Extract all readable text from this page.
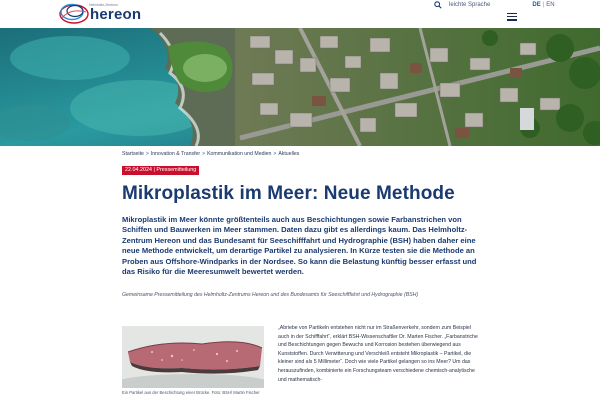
Helmholtz-Zentrum
hereon
leichte Sprache	DE | EN
Startseite > Innovation & Transfer > Kommunikation und Medien > Aktuelles
22.04.2024 | Pressemitteilung
Mikroplastik im Meer: Neue Methode

Mikroplastik im Meer könnte größtenteils auch aus Beschichtungen sowie Farbanstrichen von Schiffen und Bauwerken im Meer stammen. Daten dazu gibt es allerdings kaum. Das Helmholtz-Zentrum Hereon und das Bundesamt für Seeschifffahrt und Hydrographie (BSH) haben daher eine neue Methode entwickelt, um derartige Partikel zu analysieren. In Kürze testen sie die Methode an Proben aus Offshore-Windparks in der Nordsee. So kann die Belastung künftig besser erfasst und das Risiko für die Meeresumwelt bewertet werden.

Gemeinsame Pressemitteilung des Helmholtz-Zentrums Hereon und des Bundesamts für Seeschifffahrt und Hydrographie (BSH)

Ein Partikel aus der Beschichtung einer Brücke. Foto: BSH/ Martin Fischer

„Abriebe von Partikeln entstehen nicht nur im Straßenverkehr, sondern zum Beispiel auch in der Schifffahrt“, erklärt BSH-Wissenschaftler Dr. Marten Fischer. „Farbanstriche und Beschichtungen gegen Bewuchs und Korrosion bestehen überwiegend aus Kunststoffen. Durch Verwitterung und Verschleiß entsteht Mikroplastik – Partikel, die kleiner sind als 5 Millimeter“. Doch wie viele Partikel gelangen so ins Meer? Um das herauszufinden, kombinierte ein Forschungsteam verschiedene chemisch-analytische und mathematisch-
